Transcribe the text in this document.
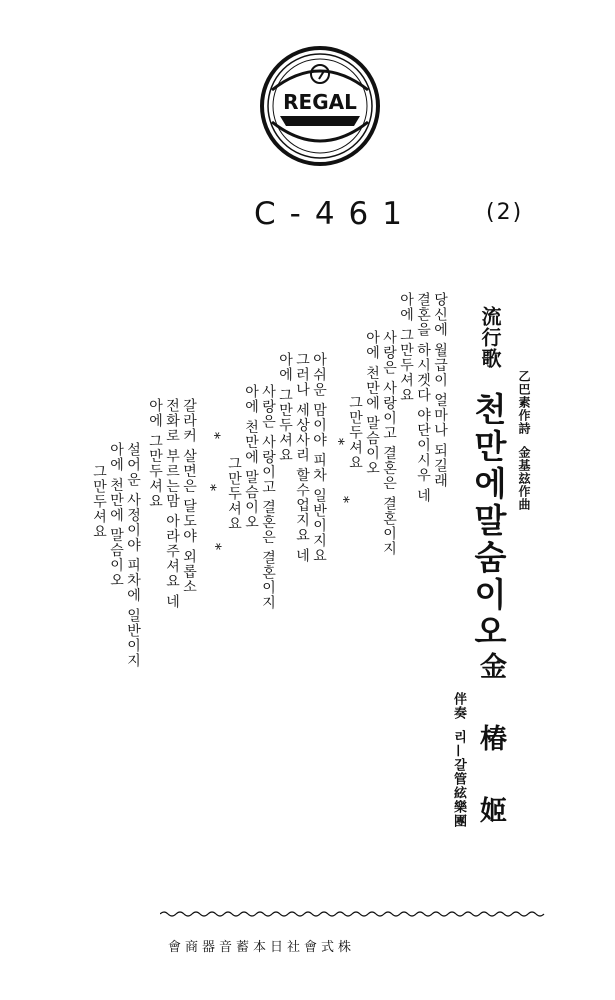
REGAL
C-461	(2)
乙巴素作詩
金基玆作曲
流行歌
천만에말숨이오
金椿姬
伴奏
리—갈管絃樂團
당신에 월급이 얼마나 되길래
결혼을 하시겟다 야단이시우 네
아에 그만두셔요
사랑은 사랑이고 결혼은 결혼이지
아에 천만에 말슴이오
그만두셔요
아쉬운 맘이야 피차 일반이지요
그러나 세상사리 할수업지요 네
아에 그만두셔요
사랑은 사랑이고 결혼은 결혼이지
아에 천만에 말슴이오
그만두셔요
갈라커 살면은 달도야 외롭소
전화로 부르는맘 아라주셔요 네
아에 그만두셔요
설어운 사정이야 피차에 일반이지
아에 천만에 말슴이오
그만두셔요
*
*
*
*
*
株式會社日本蓄音器商會
